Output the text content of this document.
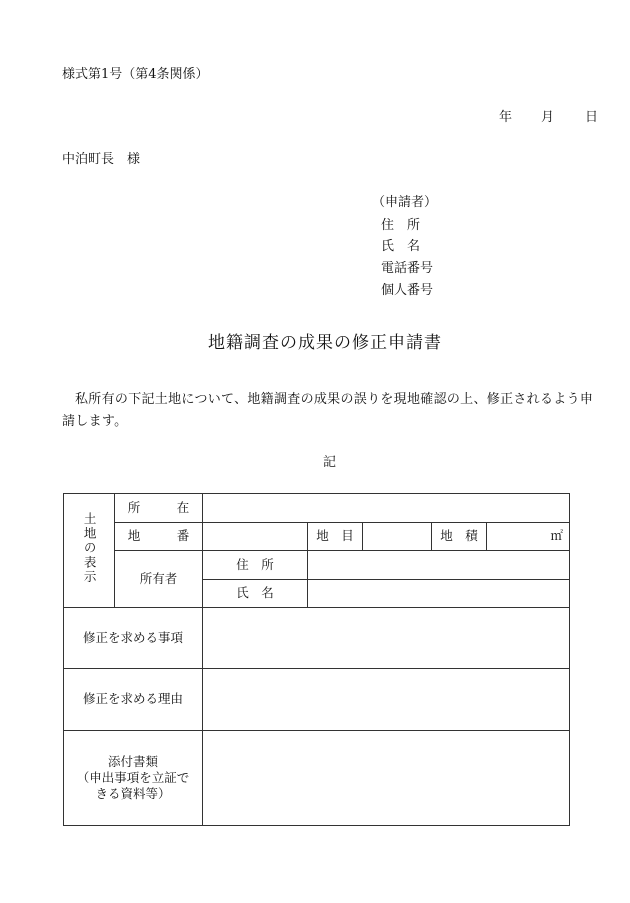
様式第1号（第4条関係）
年 月 日
中泊町長　様
（申請者）
住　所
氏　名
電話番号
個人番号
地籍調査の成果の修正申請書
私所有の下記土地について、地籍調査の成果の誤りを現地確認の上、修正されるよう申請します。
記
土地の表示	所　在					
	地　番		地　目		地　積	㎡
	所有者	住　所				
		氏　名				
修正を求める事項						
修正を求める理由						

添付書類
（申出事項を立証で
きる資料等）						
